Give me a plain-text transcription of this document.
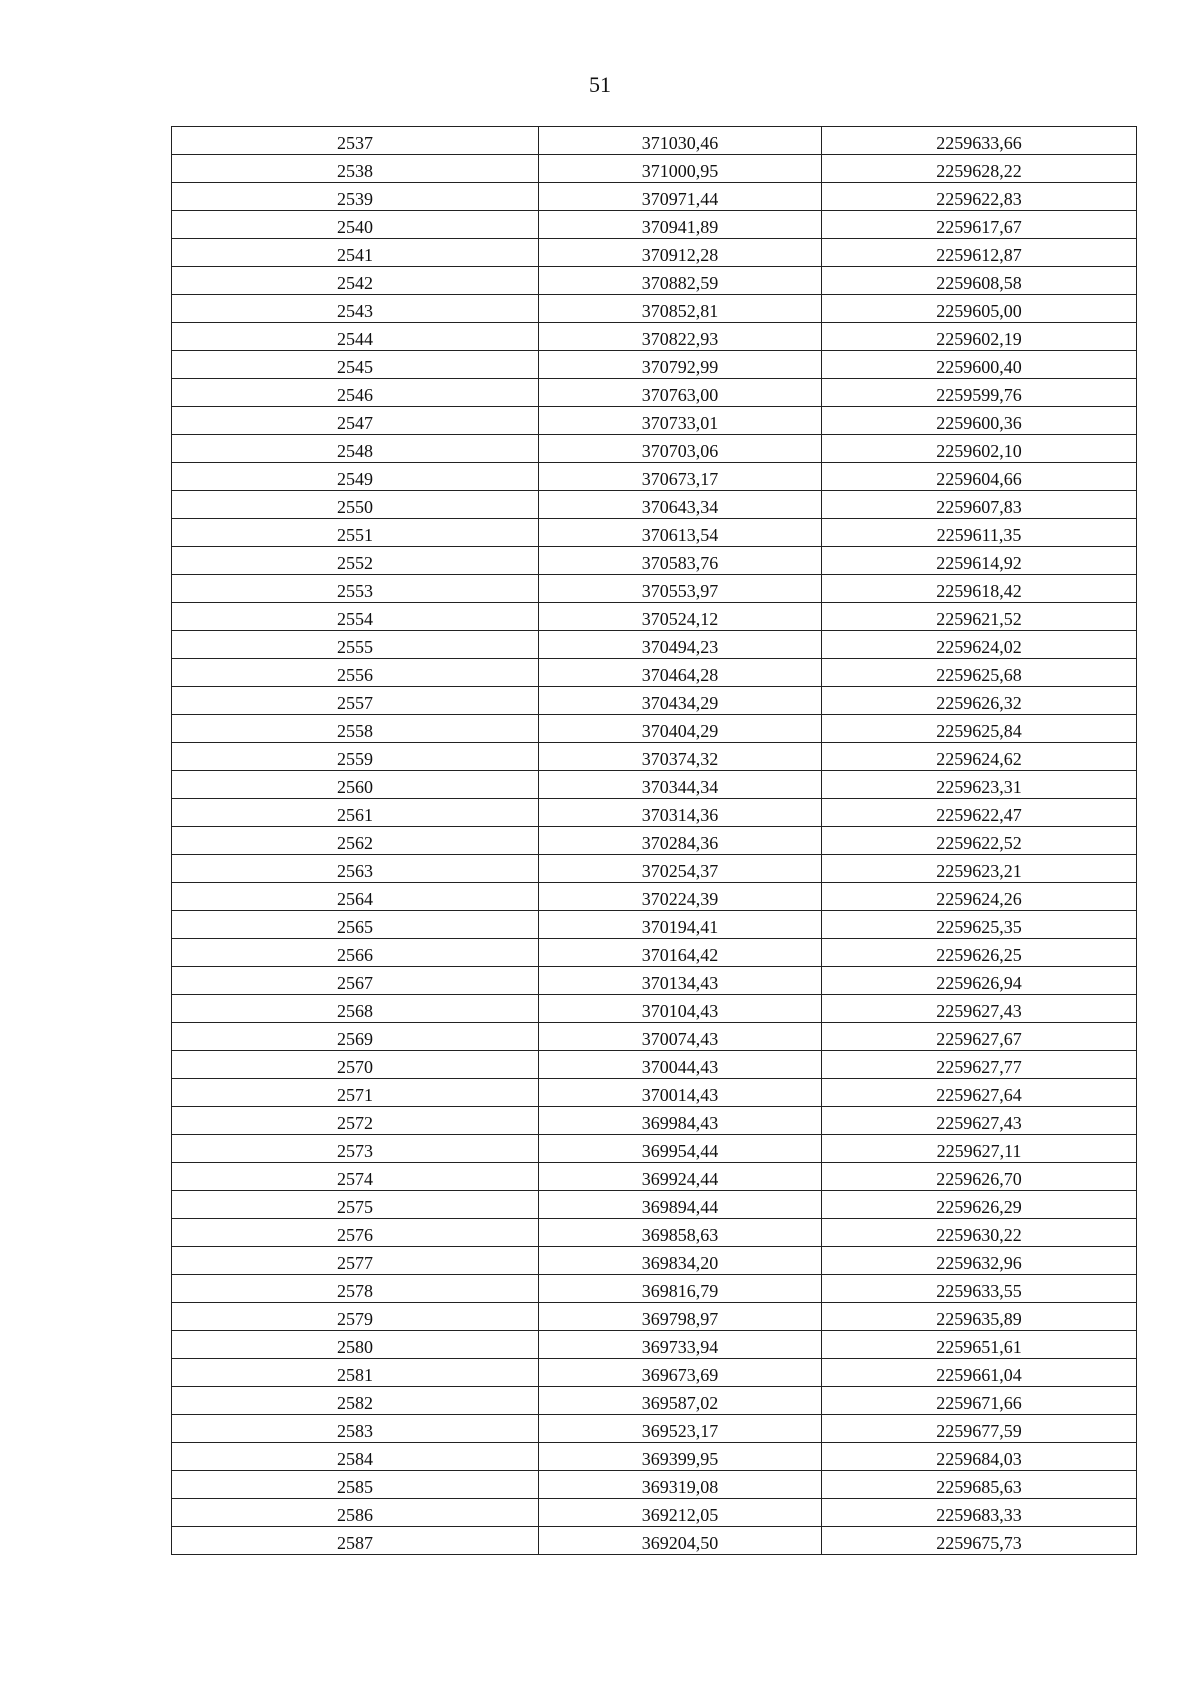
51
2537	371030,46	2259633,66
2538	371000,95	2259628,22
2539	370971,44	2259622,83
2540	370941,89	2259617,67
2541	370912,28	2259612,87
2542	370882,59	2259608,58
2543	370852,81	2259605,00
2544	370822,93	2259602,19
2545	370792,99	2259600,40
2546	370763,00	2259599,76
2547	370733,01	2259600,36
2548	370703,06	2259602,10
2549	370673,17	2259604,66
2550	370643,34	2259607,83
2551	370613,54	2259611,35
2552	370583,76	2259614,92
2553	370553,97	2259618,42
2554	370524,12	2259621,52
2555	370494,23	2259624,02
2556	370464,28	2259625,68
2557	370434,29	2259626,32
2558	370404,29	2259625,84
2559	370374,32	2259624,62
2560	370344,34	2259623,31
2561	370314,36	2259622,47
2562	370284,36	2259622,52
2563	370254,37	2259623,21
2564	370224,39	2259624,26
2565	370194,41	2259625,35
2566	370164,42	2259626,25
2567	370134,43	2259626,94
2568	370104,43	2259627,43
2569	370074,43	2259627,67
2570	370044,43	2259627,77
2571	370014,43	2259627,64
2572	369984,43	2259627,43
2573	369954,44	2259627,11
2574	369924,44	2259626,70
2575	369894,44	2259626,29
2576	369858,63	2259630,22
2577	369834,20	2259632,96
2578	369816,79	2259633,55
2579	369798,97	2259635,89
2580	369733,94	2259651,61
2581	369673,69	2259661,04
2582	369587,02	2259671,66
2583	369523,17	2259677,59
2584	369399,95	2259684,03
2585	369319,08	2259685,63
2586	369212,05	2259683,33
2587	369204,50	2259675,73
